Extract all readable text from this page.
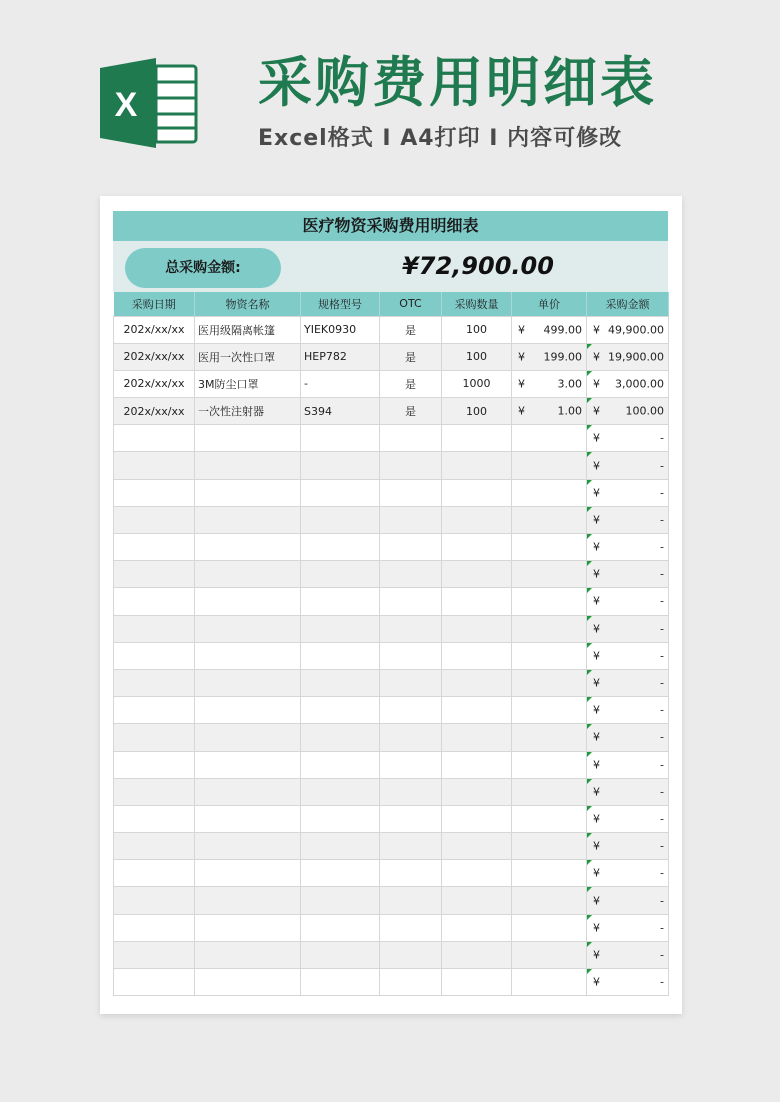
X 采购费用明细表
Excel格式 I A4打印 I 内容可修改
医疗物资采购费用明细表
总采购金额:	¥72,900.00
采购日期	物资名称	规格型号	OTC	采购数量	单价	采购金额
202x/xx/xx	医用级隔离帐篷	YIEK0930	是	100	¥ 499.00	¥ 49,900.00

202x/xx/xx	医用一次性口罩	HEP782	是	100	¥ 199.00	¥ 19,900.00

202x/xx/xx	3M防尘口罩	-	是	1000	¥ 3.00	¥ 3,000.00

202x/xx/xx	一次性注射器	S394	是	100	¥ 1.00	¥ 100.00

						¥ -

						¥ -

						¥ -

						¥ -

						¥ -

						¥ -

						¥ -

						¥ -

						¥ -

						¥ -

						¥ -

						¥ -

						¥ -

						¥ -

						¥ -

						¥ -

						¥ -

						¥ -

						¥ -

						¥ -

						¥ -
